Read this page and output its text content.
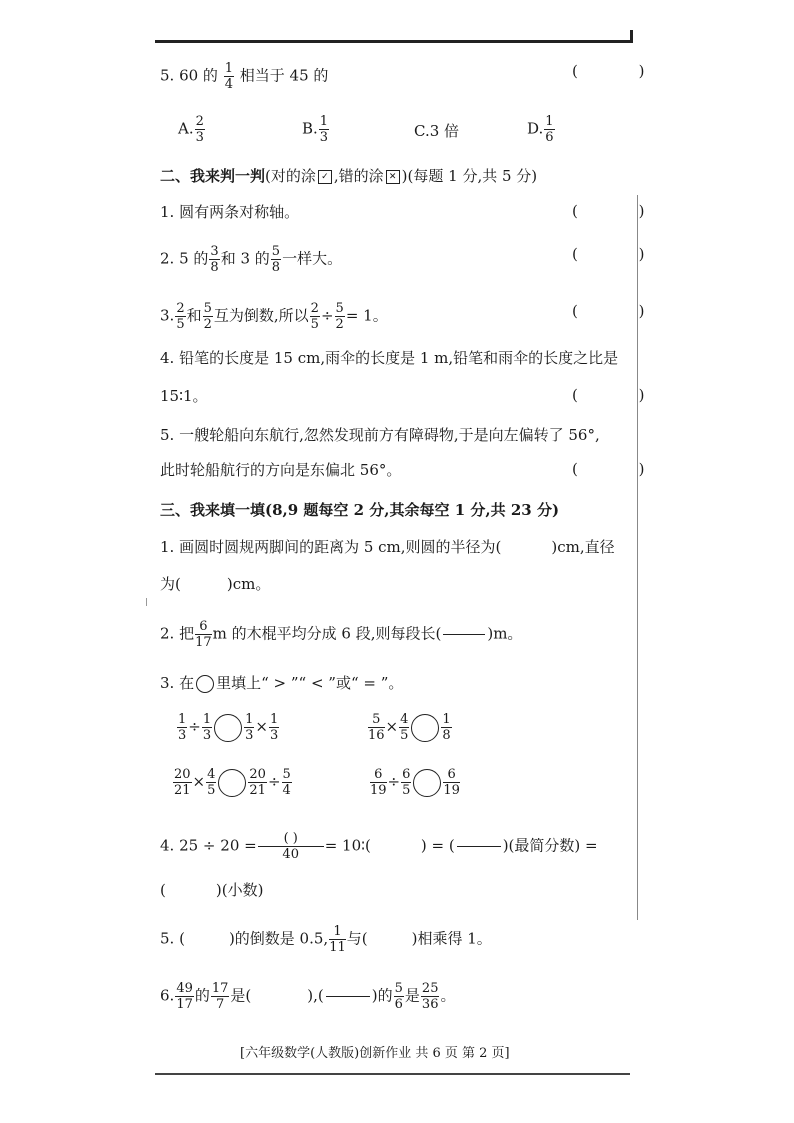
5. 60 的 $\frac{1}{4}$ 相当于 45 的	( )
A. $\frac{2}{3}$	B. $\frac{1}{3}$	C.3 倍	D. $\frac{1}{6}$
二、我来判一判(对的涂 ✓ ,错的涂 ✕ )(每题 1 分,共 5 分)
1. 圆有两条对称轴。	( )
2. 5 的 $\frac{3}{8}$ 和 3 的 $\frac{5}{8}$ 一样大。	( )
3. $\frac{2}{5}$ 和 $\frac{5}{2}$ 互为倒数,所以 $\frac{2}{5} \div \frac{5}{2} = 1$。	( )
4. 铅笔的长度是 15 cm,雨伞的长度是 1 m,铅笔和雨伞的长度之比是
15∶1。	( )
5. 一艘轮船向东航行,忽然发现前方有障碍物,于是向左偏转了 56°,
此时轮船航行的方向是东偏北 56°。	( )
三、我来填一填(8,9 题每空 2 分,其余每空 1 分,共 23 分)
1. 画圆时圆规两脚间的距离为 5 cm,则圆的半径为(	)cm,直径
为(	)cm。
2. 把 $\frac{6}{17}$ m 的木棍平均分成 6 段,则每段长(	)m。
3. 在 里填上“ > ”“ < ”或“ = ”。
$\frac{1}{3} \div \frac{1}{3} \frac{1}{3} \times \frac{1}{3}$	$\frac{5}{16} \times \frac{4}{5} \frac{1}{8}$
$\frac{20}{21} \times \frac{4}{5} \frac{20}{21} \div \frac{5}{4}$	$\frac{6}{19} \div \frac{6}{5} \frac{6}{19}$
4. 25 ÷ 20 =	( )
40	= 10∶(	) = (	)(最简分数) =
(	)(小数)
5. (	)的倒数是 0.5, $\frac{1}{11}$ 与(	)相乘得 1。
6. $\frac{49}{17}$ 的 $\frac{17}{7}$ 是(	),(	)的 $\frac{5}{6}$ 是 $\frac{25}{36}$ 。
[六年级数学(人教版)创新作业 共 6 页 第 2 页]
